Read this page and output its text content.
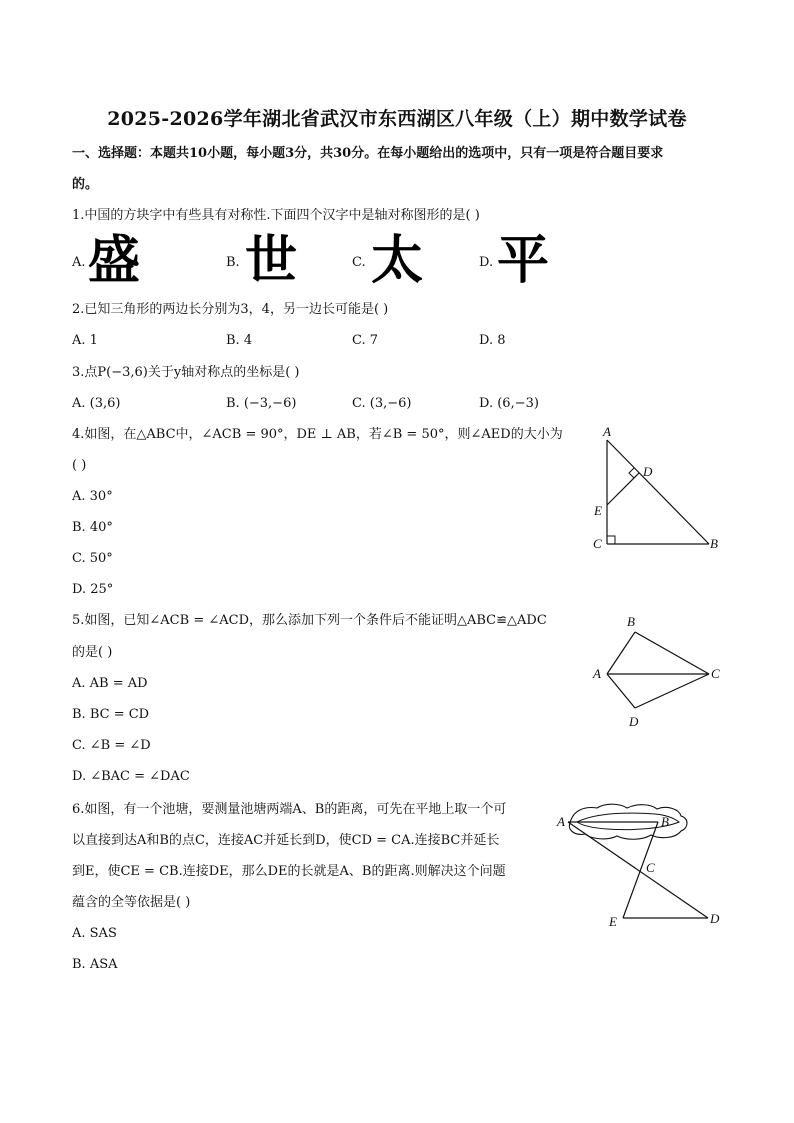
2025-2026学年湖北省武汉市东西湖区八年级（上）期中数学试卷
一、选择题：本题共10小题，每小题3分，共30分。在每小题给出的选项中，只有一项是符合题目要求
的。
1.中国的方块字中有些具有对称性.下面四个汉字中是轴对称图形的是( )
A. 盛	B. 世	C. 太	D. 平
2.已知三角形的两边长分别为3，4，另一边长可能是( )
A. 1	B. 4	C. 7	D. 8
3.点P(−3,6)关于y轴对称点的坐标是( )
A. (3,6)	B. (−3,−6)	C. (3,−6)	D. (6,−3)
4.如图，在△ABC中，∠ACB = 90°，DE ⊥ AB，若∠B = 50°，则∠AED的大小为
( )
A. 30°
B. 40°
C. 50°
D. 25°
A
D
E
C	B
5.如图，已知∠ACB = ∠ACD，那么添加下列一个条件后不能证明△ABC≌△ADC
的是( )
A. AB = AD
B. BC = CD
C. ∠B = ∠D
D. ∠BAC = ∠DAC
B
A	C
D
6.如图，有一个池塘，要测量池塘两端A、B的距离，可先在平地上取一个可
以直接到达A和B的点C，连接AC并延长到D，使CD = CA.连接BC并延长
到E，使CE = CB.连接DE，那么DE的长就是A、B的距离.则解决这个问题
蕴含的全等依据是( )
A. SAS
B. ASA
A	B
C
E	D
